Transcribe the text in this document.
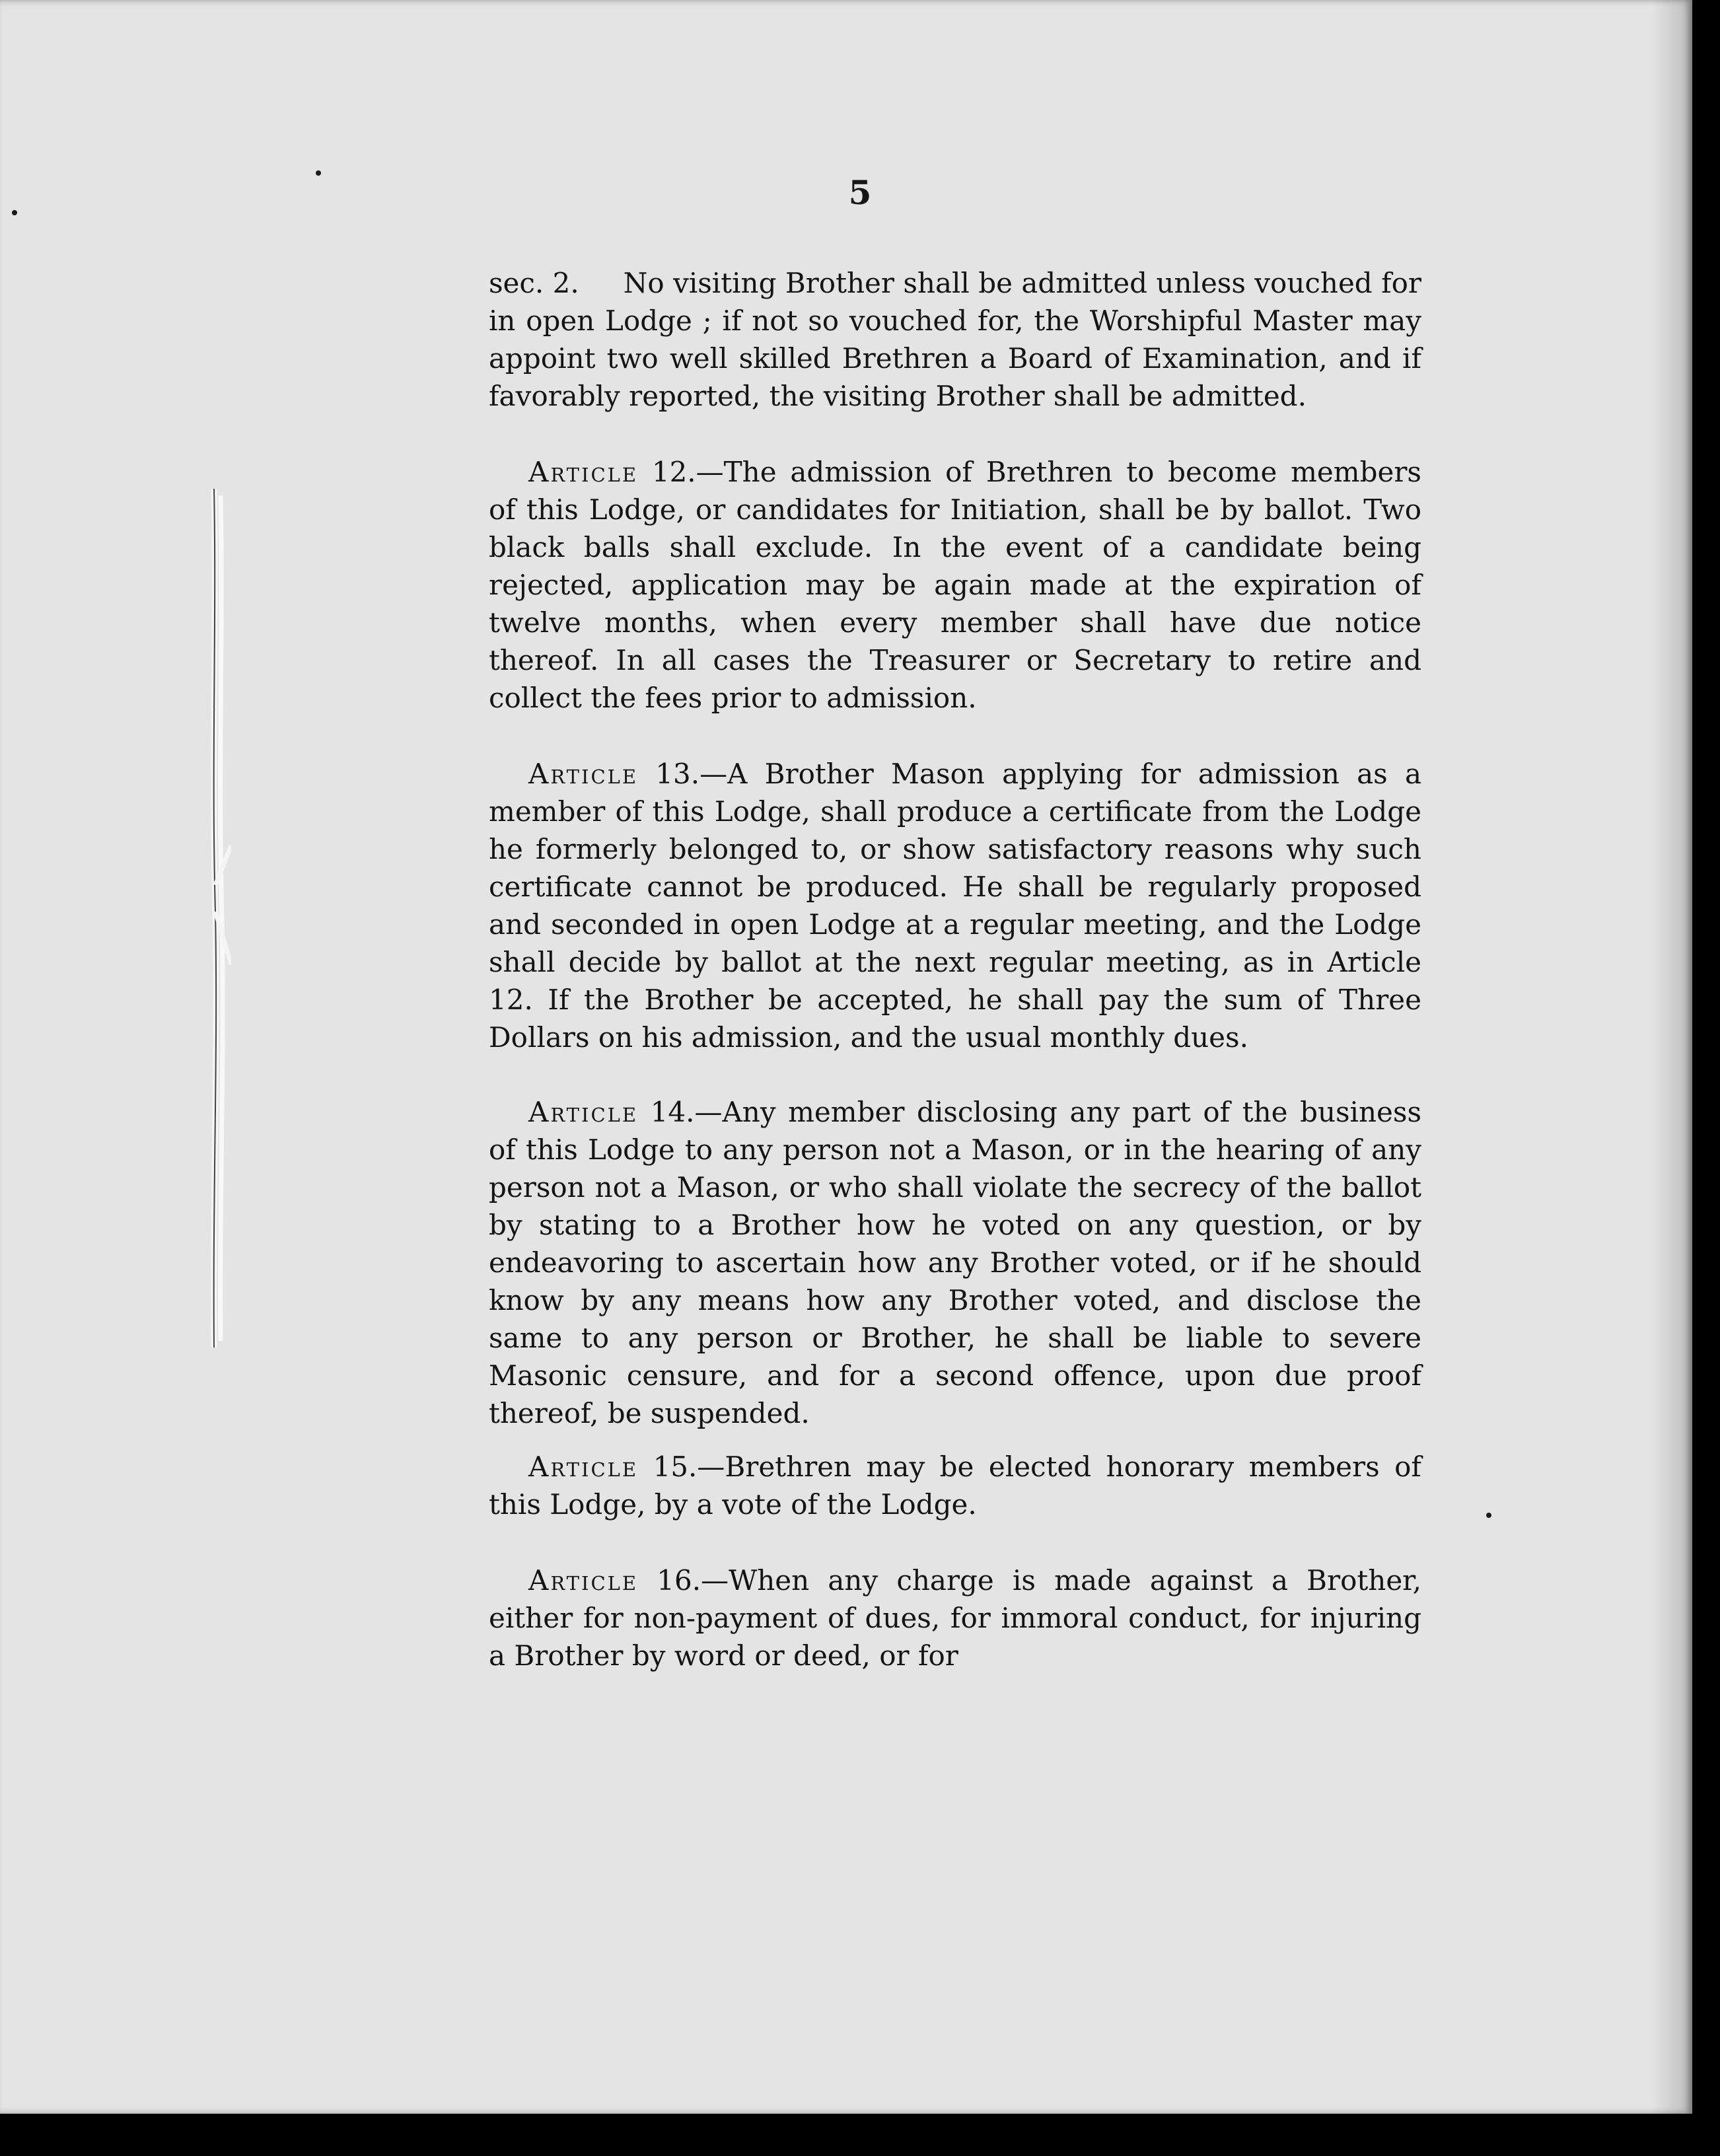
5

sec. 2. No visiting Brother shall be admitted unless vouched for in open Lodge ; if not so vouched for, the Worshipful Master may appoint two well skilled Brethren a Board of Examination, and if favorably reported, the visiting Brother shall be admitted.

Article 12.—The admission of Brethren to become members of this Lodge, or candidates for Initiation, shall be by ballot. Two black balls shall exclude. In the event of a candidate being rejected, application may be again made at the expiration of twelve months, when every member shall have due notice thereof. In all cases the Treasurer or Secretary to retire and collect the fees prior to admission.

Article 13.—A Brother Mason applying for admission as a member of this Lodge, shall produce a certificate from the Lodge he formerly belonged to, or show satisfactory reasons why such certificate cannot be produced. He shall be regularly proposed and seconded in open Lodge at a regular meeting, and the Lodge shall decide by ballot at the next regular meeting, as in Article 12. If the Brother be accepted, he shall pay the sum of Three Dollars on his admission, and the usual monthly dues.

Article 14.—Any member disclosing any part of the business of this Lodge to any person not a Mason, or in the hearing of any person not a Mason, or who shall violate the secrecy of the ballot by stating to a Brother how he voted on any question, or by endeavoring to ascertain how any Brother voted, or if he should know by any means how any Brother voted, and disclose the same to any person or Brother, he shall be liable to severe Masonic censure, and for a second offence, upon due proof thereof, be suspended.

Article 15.—Brethren may be elected honorary members of this Lodge, by a vote of the Lodge.

Article 16.—When any charge is made against a Brother, either for non-payment of dues, for immoral conduct, for injuring a Brother by word or deed, or for
